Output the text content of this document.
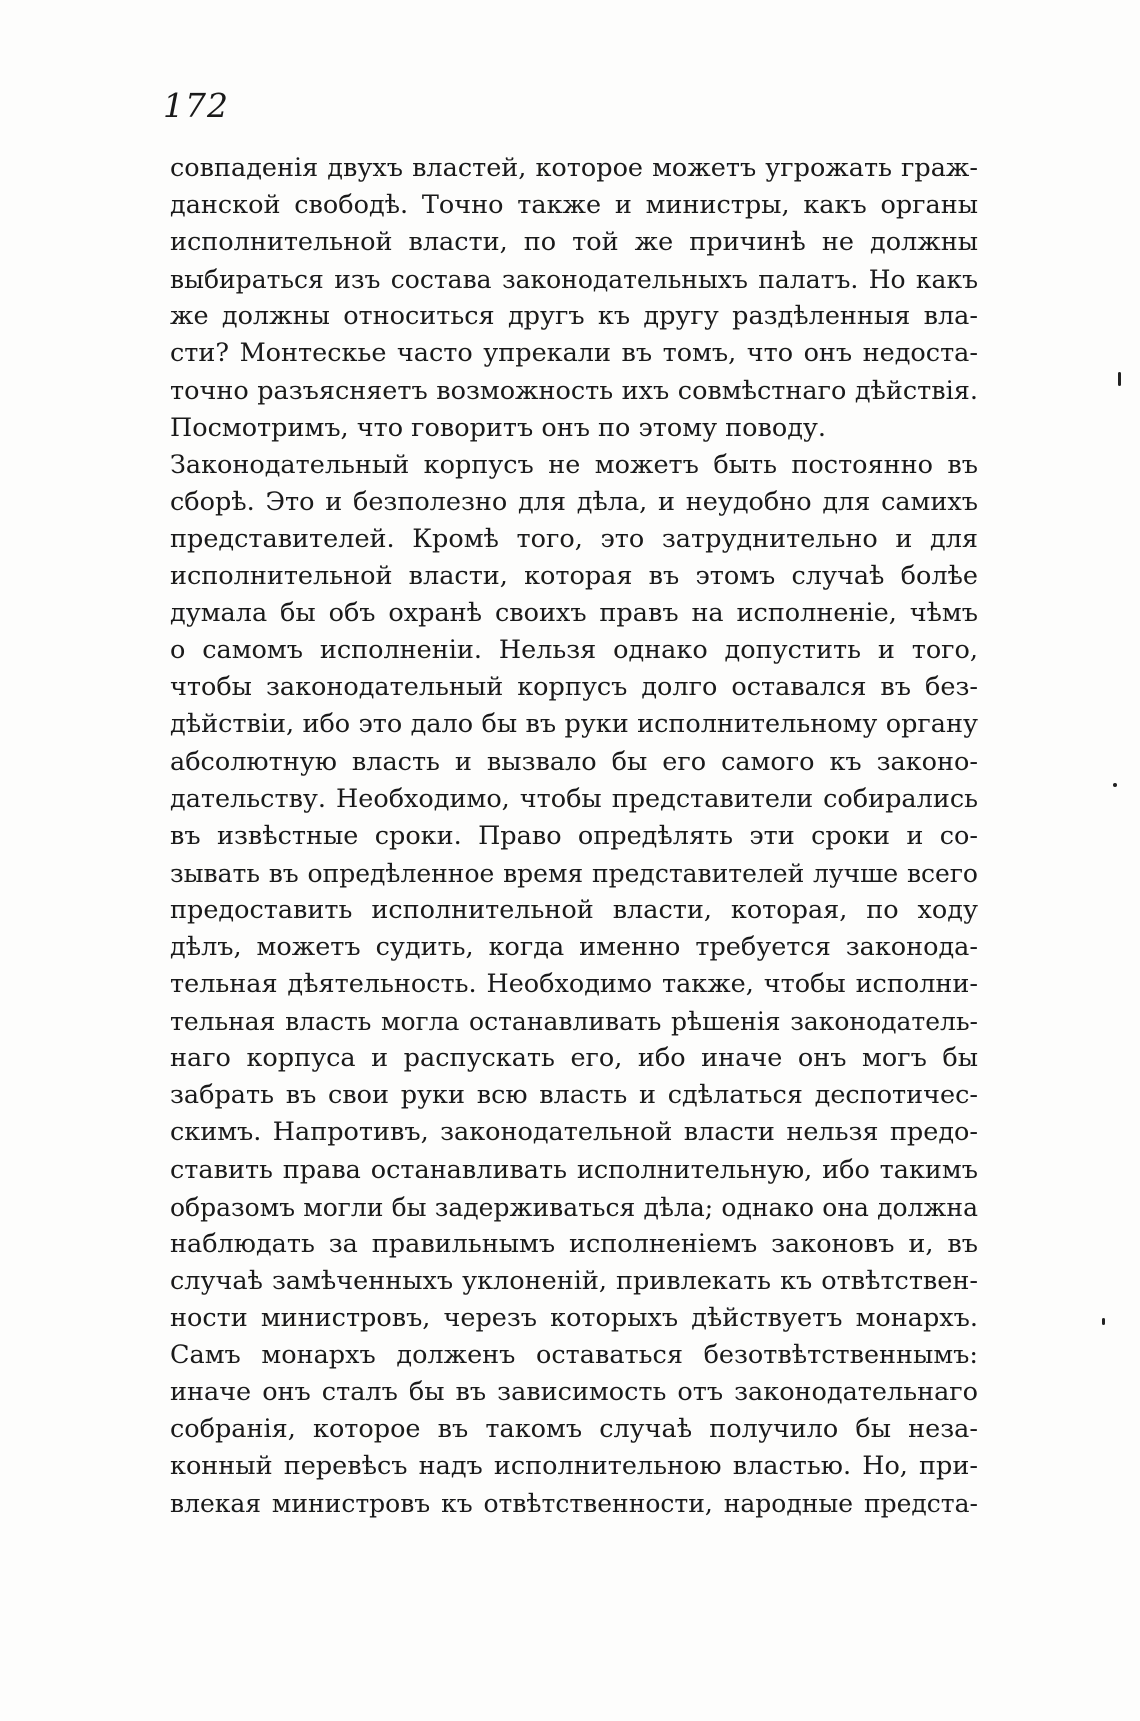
172
совпаденія двухъ властей, которое можетъ угрожать граж-
данской свободѣ. Точно также и министры, какъ органы
исполнительной власти, по той же причинѣ не должны
выбираться изъ состава законодательныхъ палатъ. Но какъ
же должны относиться другъ къ другу раздѣленныя вла-
сти? Монтескье часто упрекали въ томъ, что онъ недоста-
точно разъясняетъ возможность ихъ совмѣстнаго дѣйствія.
Посмотримъ, что говоритъ онъ по этому поводу.
Законодательный корпусъ не можетъ быть постоянно въ
сборѣ. Это и безполезно для дѣла, и неудобно для самихъ
представителей. Кромѣ того, это затруднительно и для
исполнительной власти, которая въ этомъ случаѣ болѣе
думала бы объ охранѣ своихъ правъ на исполненіе, чѣмъ
о самомъ исполненіи. Нельзя однако допустить и того,
чтобы законодательный корпусъ долго оставался въ без-
дѣйствіи, ибо это дало бы въ руки исполнительному органу
абсолютную власть и вызвало бы его самого къ законо-
дательству. Необходимо, чтобы представители собирались
въ извѣстные сроки. Право опредѣлять эти сроки и со-
зывать въ опредѣленное время представителей лучше всего
предоставить исполнительной власти, которая, по ходу
дѣлъ, можетъ судить, когда именно требуется законода-
тельная дѣятельность. Необходимо также, чтобы исполни-
тельная власть могла останавливать рѣшенія законодатель-
наго корпуса и распускать его, ибо иначе онъ могъ бы
забрать въ свои руки всю власть и сдѣлаться деспотичес-
скимъ. Напротивъ, законодательной власти нельзя предо-
ставить права останавливать исполнительную, ибо такимъ
образомъ могли бы задерживаться дѣла; однако она должна
наблюдать за правильнымъ исполненіемъ законовъ и, въ
случаѣ замѣченныхъ уклоненій, привлекать къ отвѣтствен-
ности министровъ, черезъ которыхъ дѣйствуетъ монархъ.
Самъ монархъ долженъ оставаться безотвѣтственнымъ:
иначе онъ сталъ бы въ зависимость отъ законодательнаго
собранія, которое въ такомъ случаѣ получило бы неза-
конный перевѣсъ надъ исполнительною властью. Но, при-
влекая министровъ къ отвѣтственности, народные предста-
